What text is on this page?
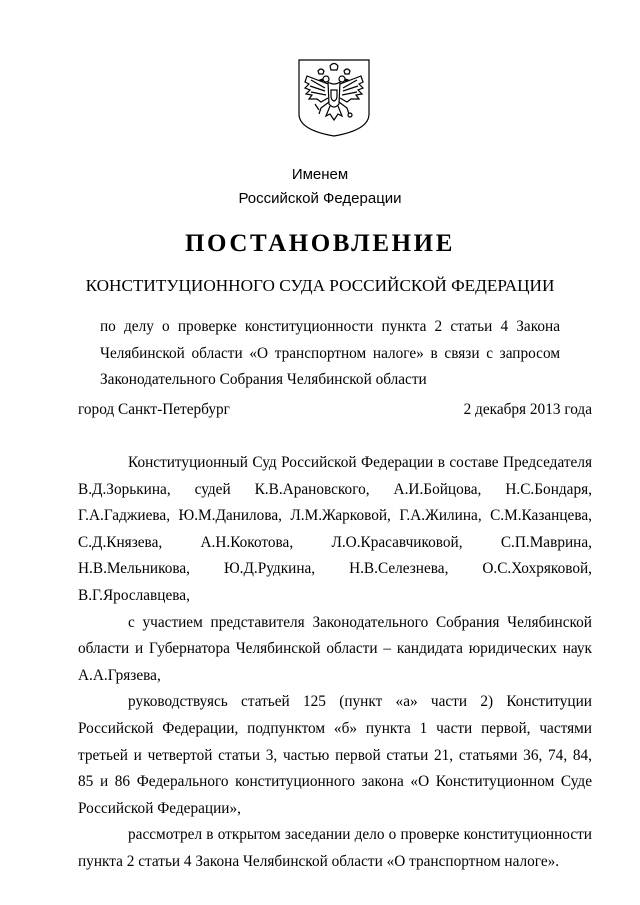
Именем
Российской Федерации
ПОСТАНОВЛЕНИЕ
КОНСТИТУЦИОННОГО СУДА РОССИЙСКОЙ ФЕДЕРАЦИИ
по делу о проверке конституционности пункта 2 статьи 4 Закона
Челябинской области «О транспортном налоге» в связи с запросом
Законодательного Собрания Челябинской области
город Санкт-Петербург	2 декабря 2013 года
Конституционный Суд Российской Федерации в составе Председателя
В.Д.Зорькина, судей К.В.Арановского, А.И.Бойцова, Н.С.Бондаря,
Г.А.Гаджиева, Ю.М.Данилова, Л.М.Жарковой, Г.А.Жилина, С.М.Казанцева,
С.Д.Князева,	А.Н.Кокотова,	Л.О.Красавчиковой,	С.П.Маврина,
Н.В.Мельникова, Ю.Д.Рудкина, Н.В.Селезнева, О.С.Хохряковой,
В.Г.Ярославцева,
с участием представителя Законодательного Собрания Челябинской
области и Губернатора Челябинской области – кандидата юридических наук
А.А.Грязева,
руководствуясь статьей 125 (пункт «а» части 2) Конституции
Российской Федерации, подпунктом «б» пункта 1 части первой, частями
третьей и четвертой статьи 3, частью первой статьи 21, статьями 36, 74, 84,
85 и 86 Федерального конституционного закона «О Конституционном Суде
Российской Федерации»,
рассмотрел в открытом заседании дело о проверке конституционности
пункта 2 статьи 4 Закона Челябинской области «О транспортном налоге».
